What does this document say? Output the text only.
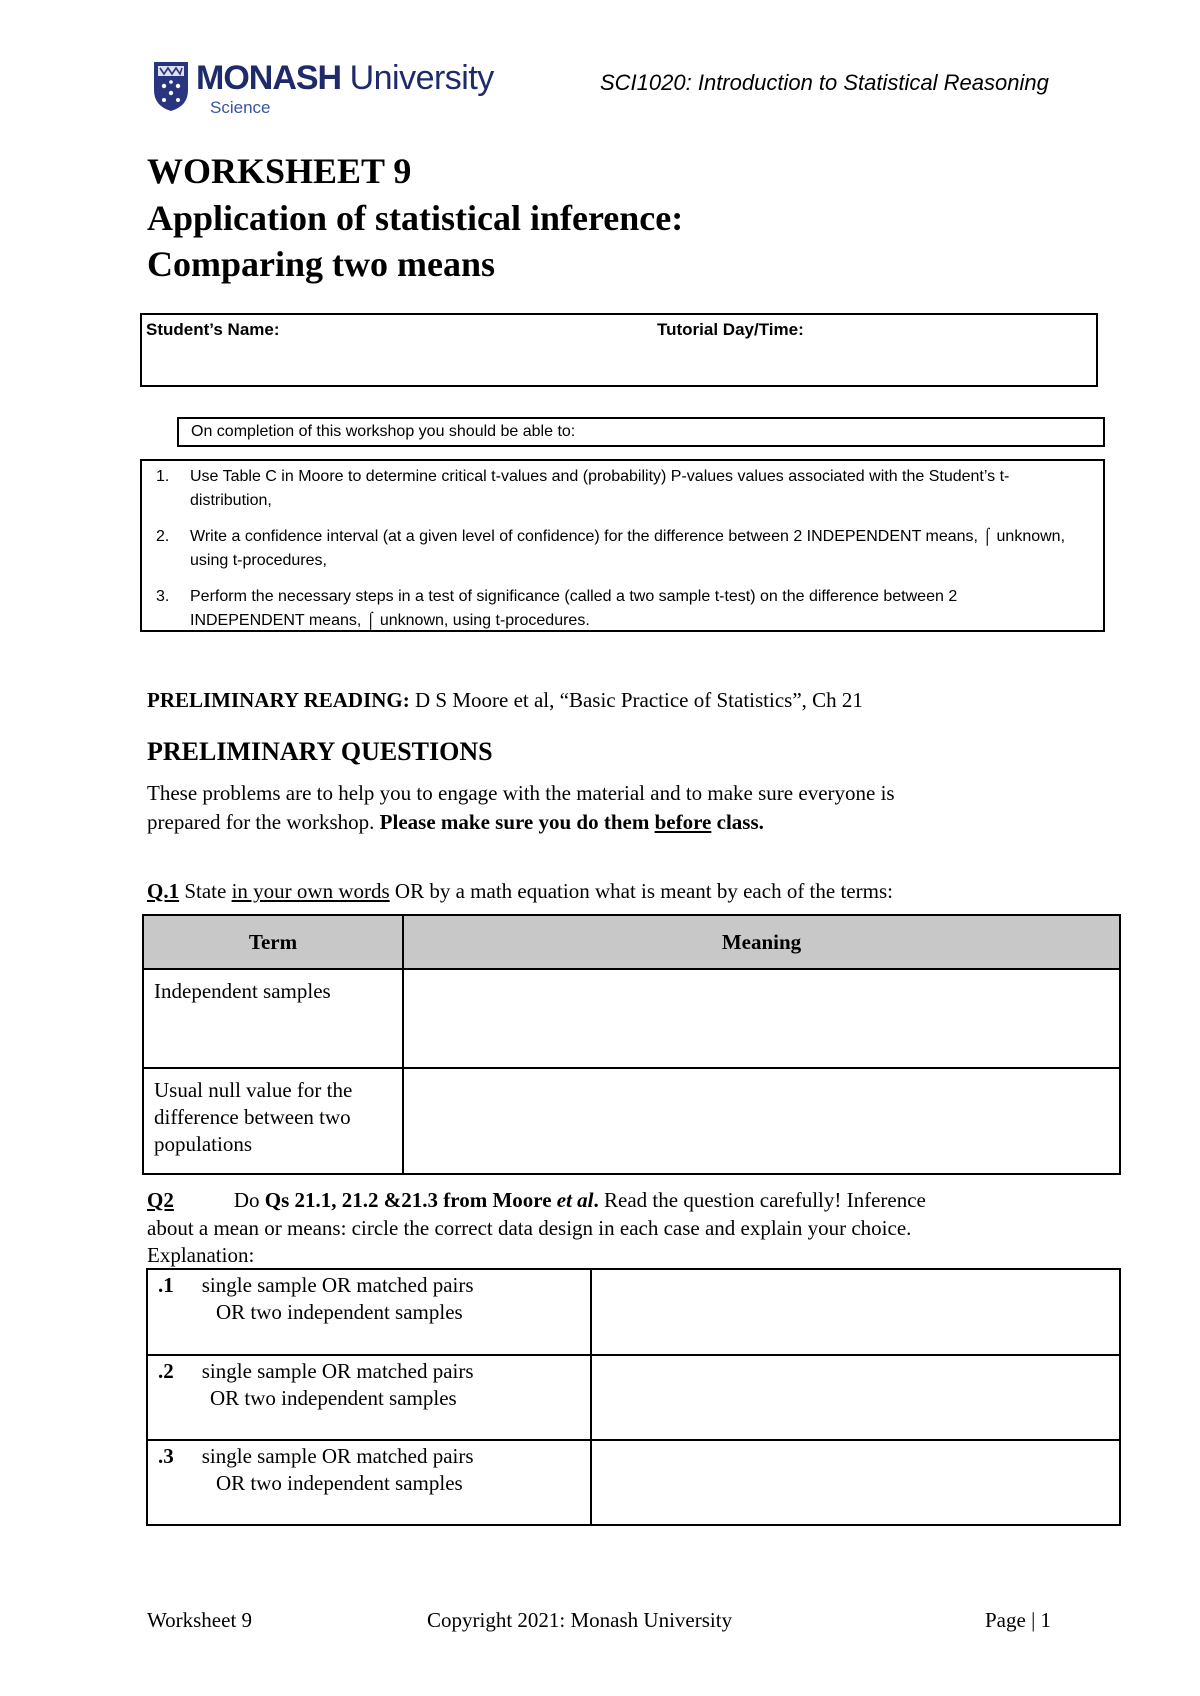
MONASH University
Science
SCI1020: Introduction to Statistical Reasoning
WORKSHEET 9
Application of statistical inference:
Comparing two means
Student’s Name:	Tutorial Day/Time:
On completion of this workshop you should be able to:
1. Use Table C in Moore to determine critical t-values and (probability) P-values values associated with the Student’s t-distribution,
2. Write a confidence interval (at a given level of confidence) for the difference between 2 INDEPENDENT means, ⌠ unknown, using t-procedures,
3. Perform the necessary steps in a test of significance (called a two sample t-test) on the difference between 2 INDEPENDENT means, ⌠ unknown, using t-procedures.
PRELIMINARY READING: D S Moore et al, “Basic Practice of Statistics”, Ch 21
PRELIMINARY QUESTIONS
These problems are to help you to engage with the material and to make sure everyone is
prepared for the workshop. Please make sure you do them before class.
Q.1 State in your own words OR by a math equation what is meant by each of the terms:
Term	Meaning
Independent samples	
Usual null value for the difference between two populations	
Q2	Do Qs 21.1, 21.2 &21.3 from Moore et al. Read the question carefully! Inference
about a mean or means: circle the correct data design in each case and explain your choice.
Explanation:
.1 single sample OR matched pairs
OR two independent samples	

.2 single sample OR matched pairs
OR two independent samples	

.3 single sample OR matched pairs
OR two independent samples	

Worksheet 9	Copyright 2021: Monash University	Page | 1
